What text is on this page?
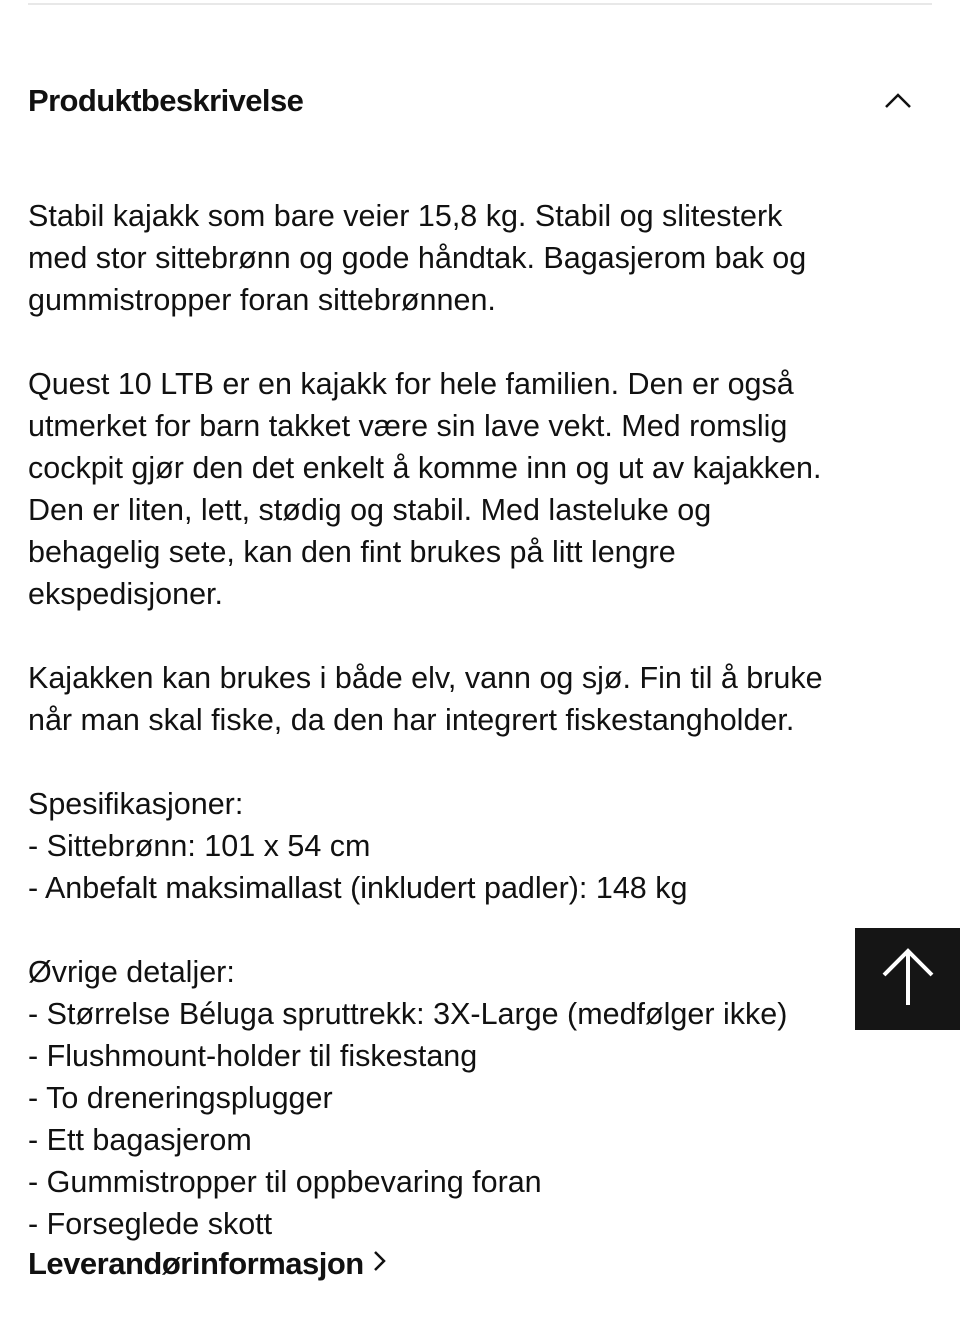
Produktbeskrivelse
Stabil kajakk som bare veier 15,8 kg. Stabil og slitesterk
med stor sittebrønn og gode håndtak. Bagasjerom bak og
gummistropper foran sittebrønnen.
Quest 10 LTB er en kajakk for hele familien. Den er også
utmerket for barn takket være sin lave vekt. Med romslig
cockpit gjør den det enkelt å komme inn og ut av kajakken.
Den er liten, lett, stødig og stabil. Med lasteluke og
behagelig sete, kan den fint brukes på litt lengre
ekspedisjoner.
Kajakken kan brukes i både elv, vann og sjø. Fin til å bruke
når man skal fiske, da den har integrert fiskestangholder.
Spesifikasjoner:
- Sittebrønn: 101 x 54 cm
- Anbefalt maksimallast (inkludert padler): 148 kg
Øvrige detaljer:
- Størrelse Béluga spruttrekk: 3X-Large (medfølger ikke)
- Flushmount-holder til fiskestang
- To dreneringsplugger
- Ett bagasjerom
- Gummistropper til oppbevaring foran
- Forseglede skott
Leverandørinformasjon
